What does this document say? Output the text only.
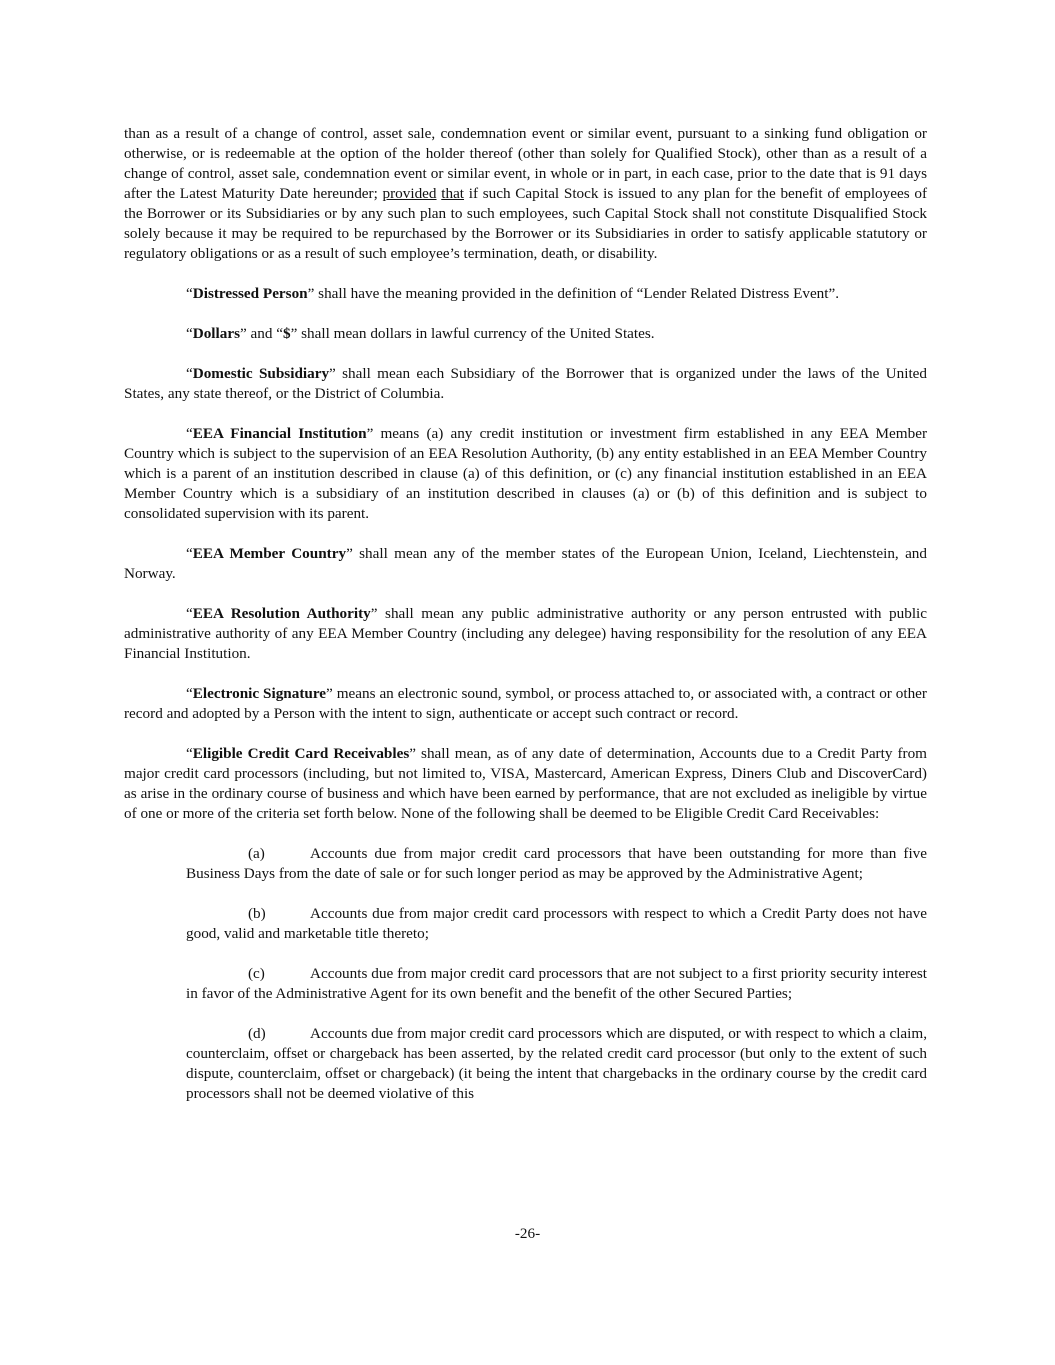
than as a result of a change of control, asset sale, condemnation event or similar event, pursuant to a sinking fund obligation or otherwise, or is redeemable at the option of the holder thereof (other than solely for Qualified Stock), other than as a result of a change of control, asset sale, condemnation event or similar event, in whole or in part, in each case, prior to the date that is 91 days after the Latest Maturity Date hereunder; provided that if such Capital Stock is issued to any plan for the benefit of employees of the Borrower or its Subsidiaries or by any such plan to such employees, such Capital Stock shall not constitute Disqualified Stock solely because it may be required to be repurchased by the Borrower or its Subsidiaries in order to satisfy applicable statutory or regulatory obligations or as a result of such employee’s termination, death, or disability.

“Distressed Person” shall have the meaning provided in the definition of “Lender Related Distress Event”.

“Dollars” and “$” shall mean dollars in lawful currency of the United States.

“Domestic Subsidiary” shall mean each Subsidiary of the Borrower that is organized under the laws of the United States, any state thereof, or the District of Columbia.

“EEA Financial Institution” means (a) any credit institution or investment firm established in any EEA Member Country which is subject to the supervision of an EEA Resolution Authority, (b) any entity established in an EEA Member Country which is a parent of an institution described in clause (a) of this definition, or (c) any financial institution established in an EEA Member Country which is a subsidiary of an institution described in clauses (a) or (b) of this definition and is subject to consolidated supervision with its parent.

“EEA Member Country” shall mean any of the member states of the European Union, Iceland, Liechtenstein, and Norway.

“EEA Resolution Authority” shall mean any public administrative authority or any person entrusted with public administrative authority of any EEA Member Country (including any delegee) having responsibility for the resolution of any EEA Financial Institution.

“Electronic Signature” means an electronic sound, symbol, or process attached to, or associated with, a contract or other record and adopted by a Person with the intent to sign, authenticate or accept such contract or record.

“Eligible Credit Card Receivables” shall mean, as of any date of determination, Accounts due to a Credit Party from major credit card processors (including, but not limited to, VISA, Mastercard, American Express, Diners Club and DiscoverCard) as arise in the ordinary course of business and which have been earned by performance, that are not excluded as ineligible by virtue of one or more of the criteria set forth below. None of the following shall be deemed to be Eligible Credit Card Receivables:

(a)	Accounts due from major credit card processors that have been outstanding for more than five Business Days from the date of sale or for such longer period as may be approved by the Administrative Agent;

(b)	Accounts due from major credit card processors with respect to which a Credit Party does not have good, valid and marketable title thereto;

(c)	Accounts due from major credit card processors that are not subject to a first priority security interest in favor of the Administrative Agent for its own benefit and the benefit of the other Secured Parties;

(d)	Accounts due from major credit card processors which are disputed, or with respect to which a claim, counterclaim, offset or chargeback has been asserted, by the related credit card processor (but only to the extent of such dispute, counterclaim, offset or chargeback) (it being the intent that chargebacks in the ordinary course by the credit card processors shall not be deemed violative of this

-26-
